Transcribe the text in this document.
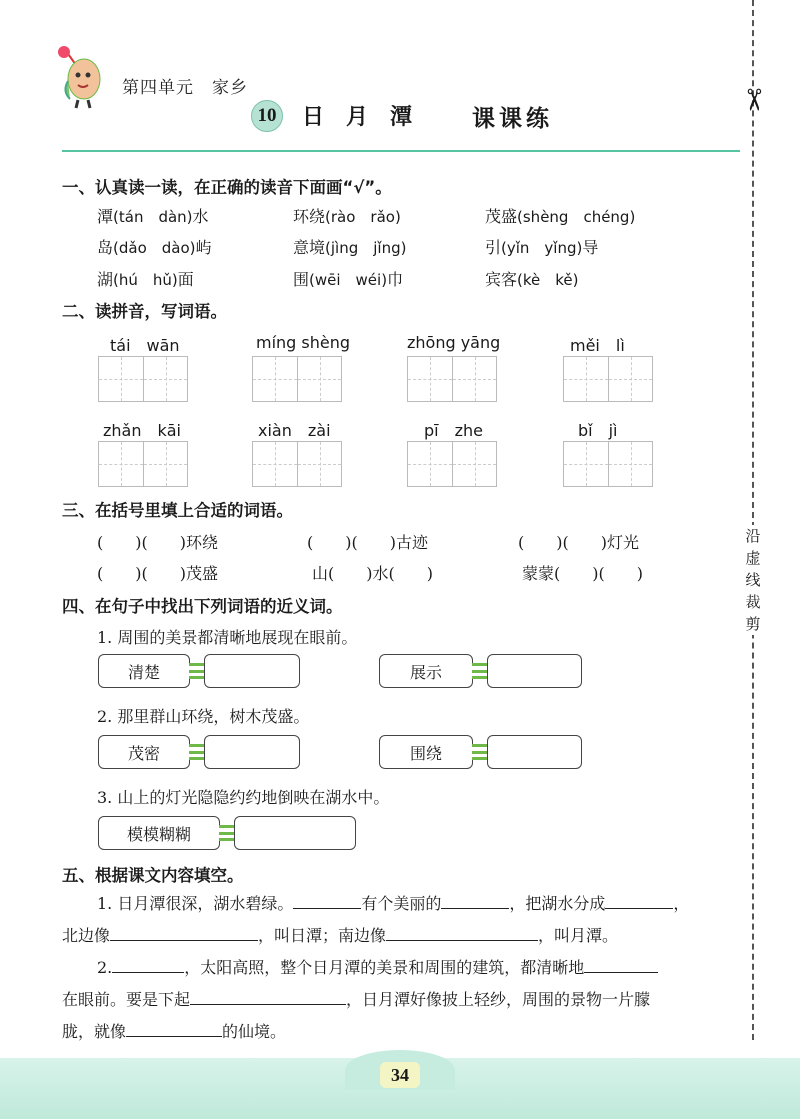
第四单元　家乡
10 日月潭 课课练
✂
沿虚线裁剪
一、认真读一读，在正确的读音下面画“√”。
潭(tán　dàn)水	环绕(rào　rǎo)	茂盛(shèng　chéng)
岛(dǎo　dào)屿	意境(jìng　jǐng)	引(yǐn　yǐng)导
湖(hú　hǔ)面	围(wēi　wéi)巾	宾客(kè　kě)
二、读拼音，写词语。
tái　wān	míng shèng	zhōng yāng	měi　lì
zhǎn　kāi	xiàn　zài	pī　zhe	bǐ　jì
三、在括号里填上合适的词语。
(　　)(　　)环绕	(　　)(　　)古迹	(　　)(　　)灯光
(　　)(　　)茂盛	山(　　)水(　　)	蒙蒙(　　)(　　)
四、在句子中找出下列词语的近义词。
1. 周围的美景都清晰地展现在眼前。
清楚	展示
2. 那里群山环绕，树木茂盛。
茂密	围绕
3. 山上的灯光隐隐约约地倒映在湖水中。
模模糊糊
五、根据课文内容填空。
1. 日月潭很深，湖水碧绿。	有个美丽的	，把湖水分成	，
北边像	，叫日潭；南边像	，叫月潭。
2.	，太阳高照，整个日月潭的美景和周围的建筑，都清晰地
在眼前。要是下起	，日月潭好像披上轻纱，周围的景物一片朦
胧，就像	的仙境。
34
